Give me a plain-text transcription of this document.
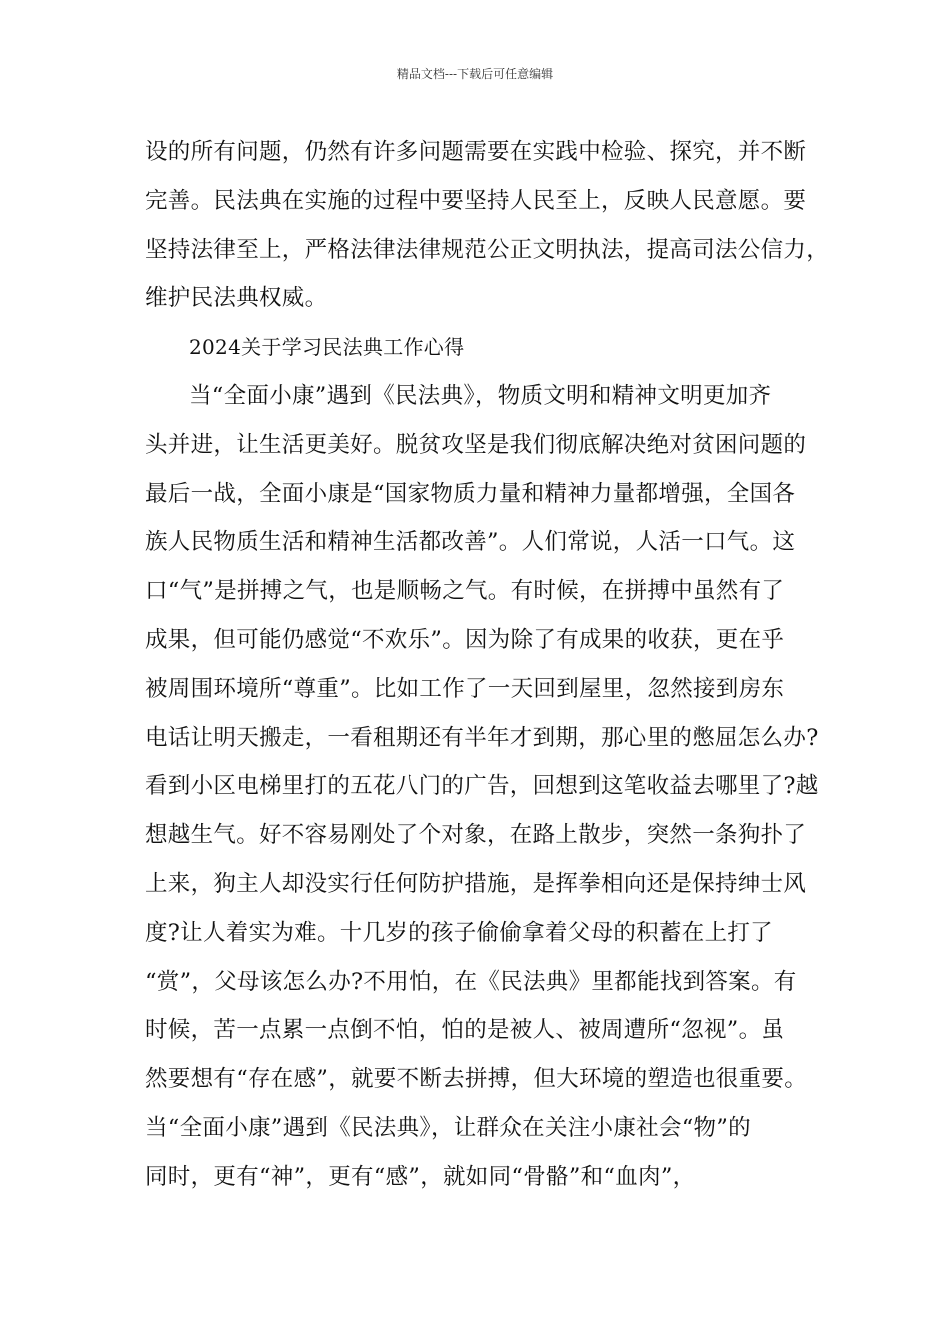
精品文档---下载后可任意编辑
设的所有问题，仍然有许多问题需要在实践中检验、探究，并不断
完善。民法典在实施的过程中要坚持人民至上，反映人民意愿。要
坚持法律至上，严格法律法律规范公正文明执法，提高司法公信力，
维护民法典权威。
2024关于学习民法典工作心得
当“全面小康”遇到《民法典》，物质文明和精神文明更加齐
头并进，让生活更美好。脱贫攻坚是我们彻底解决绝对贫困问题的
最后一战，全面小康是“国家物质力量和精神力量都增强，全国各
族人民物质生活和精神生活都改善”。人们常说，人活一口气。这
口“气”是拼搏之气，也是顺畅之气。有时候，在拼搏中虽然有了
成果，但可能仍感觉“不欢乐”。因为除了有成果的收获，更在乎
被周围环境所“尊重”。比如工作了一天回到屋里，忽然接到房东
电话让明天搬走，一看租期还有半年才到期，那心里的憋屈怎么办?
看到小区电梯里打的五花八门的广告，回想到这笔收益去哪里了?越
想越生气。好不容易刚处了个对象，在路上散步，突然一条狗扑了
上来，狗主人却没实行任何防护措施，是挥拳相向还是保持绅士风
度?让人着实为难。十几岁的孩子偷偷拿着父母的积蓄在上打了
“赏”，父母该怎么办?不用怕，在《民法典》里都能找到答案。有
时候，苦一点累一点倒不怕，怕的是被人、被周遭所“忽视”。虽
然要想有“存在感”，就要不断去拼搏，但大环境的塑造也很重要。
当“全面小康”遇到《民法典》，让群众在关注小康社会“物”的
同时，更有“神”，更有“感”，就如同“骨骼”和“血肉”，
